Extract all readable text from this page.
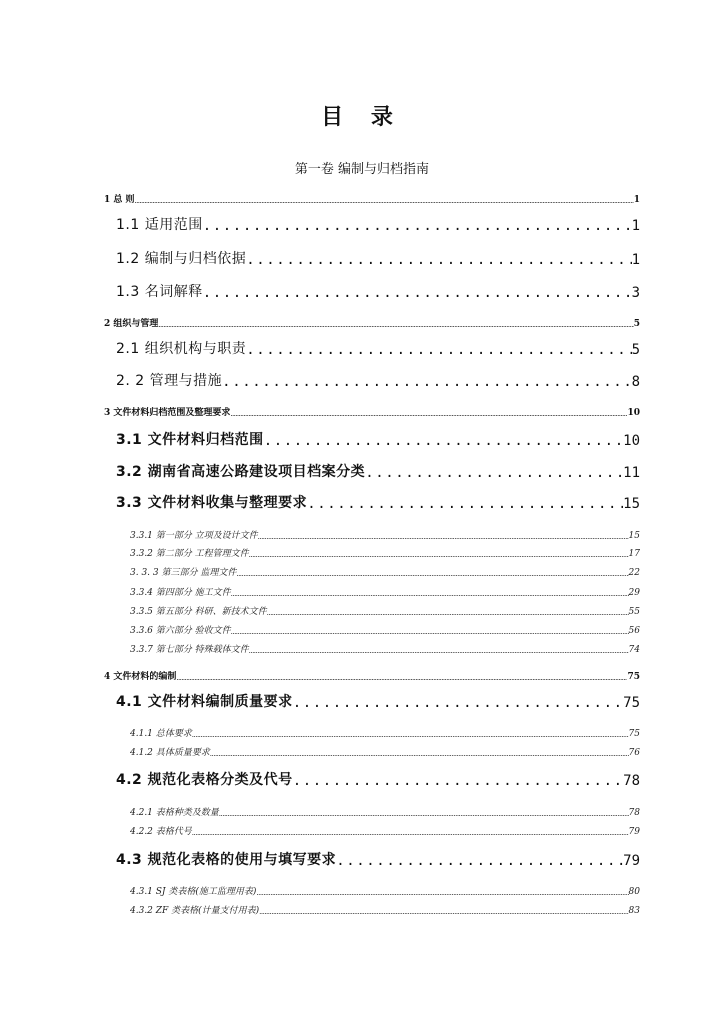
目 录
第一卷 编制与归档指南
1 总 则 .....	1
1.1 适用范围 .....	1
1.2 编制与归档依据 .....	1
1.3 名词解释 .....	3
2 组织与管理 .....	5
2.1 组织机构与职责 .....	5
2. 2 管理与措施 .....	8
3 文件材料归档范围及整理要求 .....	10
3.1 文件材料归档范围 .....	10
3.2 湖南省高速公路建设项目档案分类 .....	11
3.3 文件材料收集与整理要求 .....	15
3.3.1 第一部分 立项及设计文件 .....	15
3.3.2 第二部分 工程管理文件 .....	17
3. 3. 3 第三部分 监理文件 .....	22
3.3.4 第四部分 施工文件 .....	29
3.3.5 第五部分 科研、新技术文件 .....	55
3.3.6 第六部分 验收文件 .....	56
3.3.7 第七部分 特殊载体文件 .....	74
4 文件材料的编制 .....	75
4.1 文件材料编制质量要求 .....	75
4.1.1 总体要求 .....	75
4.1.2 具体质量要求 .....	76
4.2 规范化表格分类及代号 .....	78
4.2.1 表格种类及数量 .....	78
4.2.2 表格代号 .....	79
4.3 规范化表格的使用与填写要求 .....	79
4.3.1 SJ 类表格(施工监理用表) .....	80
4.3.2 ZF 类表格(计量支付用表) .....	83
